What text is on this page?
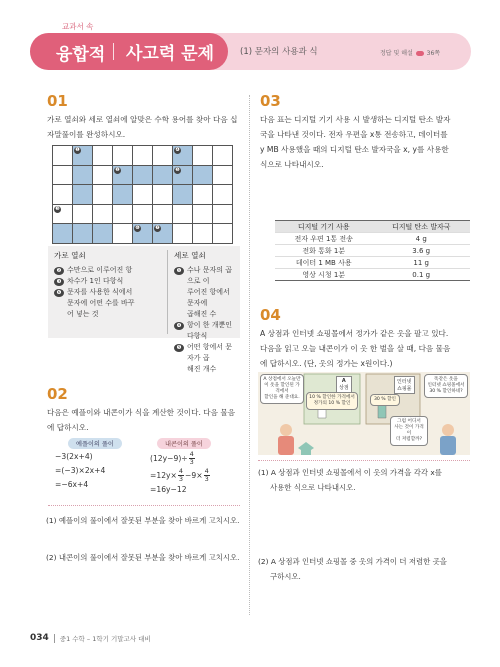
교과서 속
융합적 사고력 문제	(1) 문자의 사용과 식	정답 및 해설 36쪽
01
가로 열쇠와 세로 열쇠에 알맞은 수학 용어를 찾아 다음 십
자말풀이를 완성하시오.

	❶					❹		

			❷			❺		

❸								

				❻	❼			

가로 열쇠
❷ 수만으로 이루어진 항
❸ 차수가 1인 다항식
❻ 문자를 사용한 식에서
문자에 어떤 수를 바꾸
어 넣는 것
세로 열쇠
❶ 수나 문자의 곱으로 이
루어진 항에서 문자에
곱해진 수
❹ 항이 한 개뿐인 다항식
❺ 어떤 항에서 문자가 곱
해진 개수
02
다음은 예플이와 내콘이가 식을 계산한 것이다. 다음 물음
에 답하시오.
예플이의 풀이
−3(2x+4)
=(−3)×2x+4
=−6x+4
내콘이의 풀이
$(12y-9)\div \frac{4}{3}$
$=12y\times \frac{4}{3} -9\times \frac{4}{3}$
=16y−12
(1) 예플이의 풀이에서 잘못된 부분을 찾아 바르게 고치시오.
(2) 내콘이의 풀이에서 잘못된 부분을 찾아 바르게 고치시오.
03
다음 표는 디지털 기기 사용 시 발생하는 디지털 탄소 발자
국을 나타낸 것이다. 전자 우편을 x통 전송하고, 데이터를
y MB 사용했을 때의 디지털 탄소 발자국을 x, y를 사용한
식으로 나타내시오.
디지털 기기 사용	디지털 탄소 발자국
전자 우편 1통 전송	4 g
전화 통화 1분	3.6 g
데이터 1 MB 사용	11 g
영상 시청 1분	0.1 g
04
A 상점과 인터넷 쇼핑몰에서 정가가 같은 옷을 팔고 있다.
다음을 읽고 오늘 내콘이가 이 옷 한 벌을 살 때, 다음 물음
에 답하시오. (단, 옷의 정가는 x원이다.)
A 상점에서 오늘만
이 옷을 할인된 가격에서
할인을 해 준대요.
A
상점
10 % 할인한 가격에서
정가의 10 % 할인
인터넷
쇼핑몰
30 % 할인
그럼 어디서
사는 것이 가격이
더 저렴할까?
똑같은 옷을
인터넷 쇼핑몰에서
30 % 할인하네?
(1) A 상점과 인터넷 쇼핑몰에서 이 옷의 가격을 각각 x를
사용한 식으로 나타내시오.
(2) A 상점과 인터넷 쇼핑몰 중 옷의 가격이 더 저렴한 곳을
구하시오.
034 중1 수학 – 1학기 기말고사 대비
